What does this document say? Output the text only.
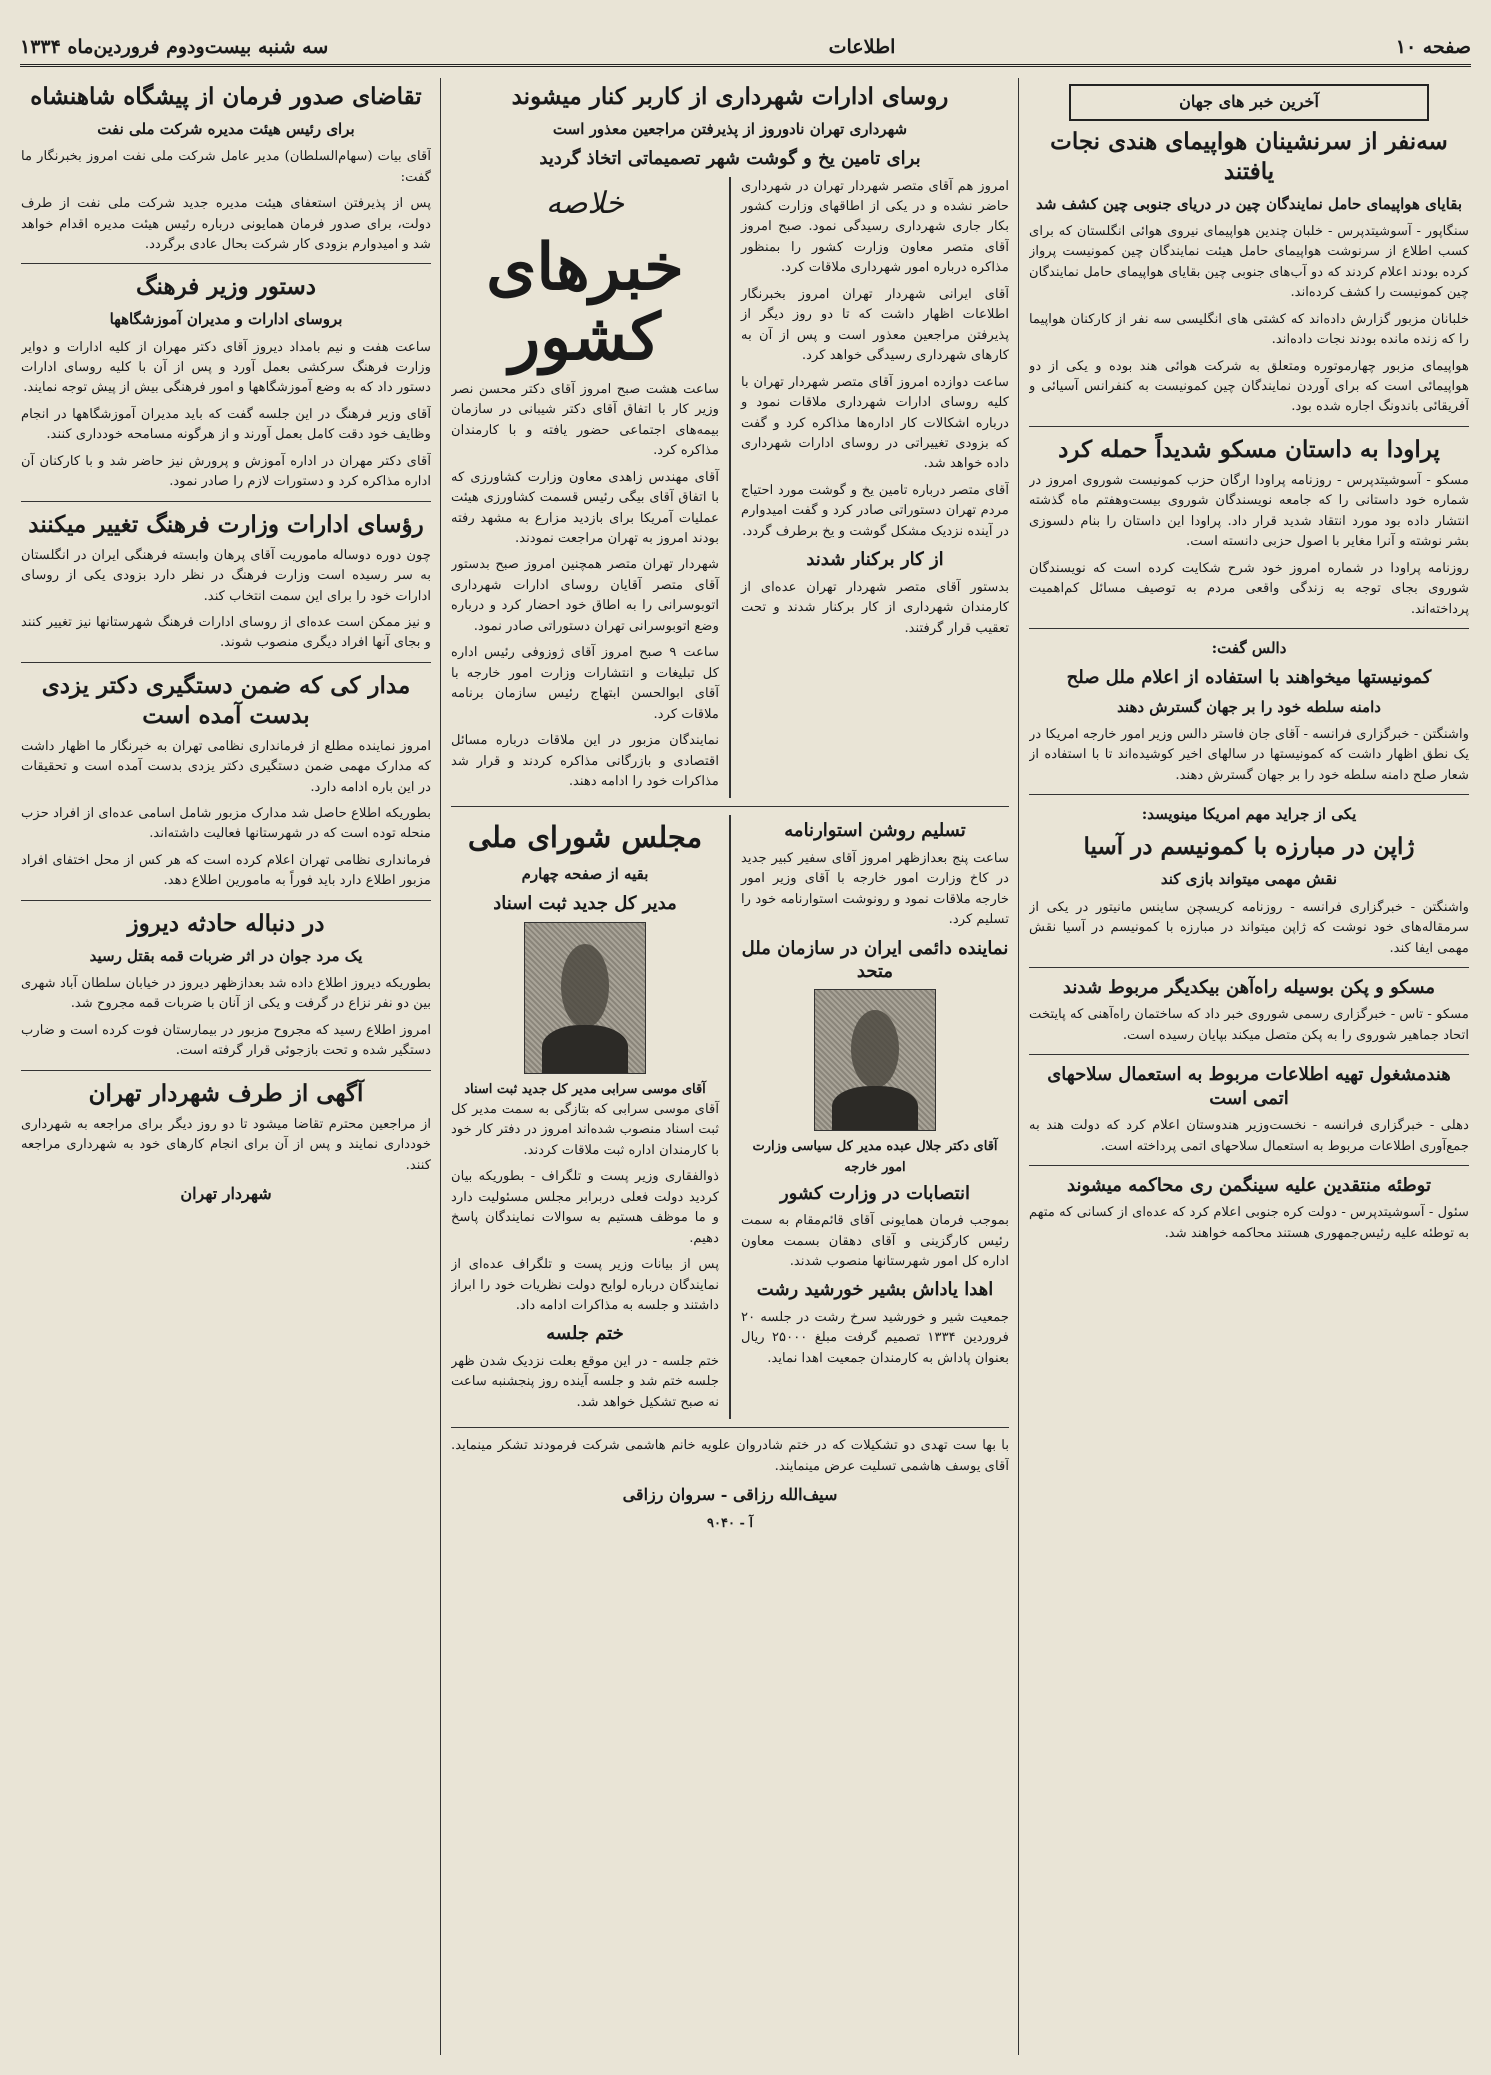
صفحه ۱۰
اطلاعات
سه شنبه بیست‌ودوم فروردین‌ماه ۱۳۳۴
آخرین خبر های جهان
سه‌نفر از سرنشینان هواپیمای هندی نجات یافتند
بقایای هواپیمای حامل نمایندگان چین در دریای جنوبی چین کشف شد

سنگاپور - آسوشیتدپرس - خلبان چندین هواپیمای نیروی هوائی انگلستان که برای کسب اطلاع از سرنوشت هواپیمای حامل هیئت نمایندگان چین کمونیست پرواز کرده بودند اعلام کردند که دو آب‌های جنوبی چین بقایای هواپیمای حامل نمایندگان چین کمونیست را کشف کرده‌اند.

خلبانان مزبور گزارش داده‌اند که کشتی های انگلیسی سه نفر از کارکنان هواپیما را که زنده مانده بودند نجات داده‌اند.

هواپیمای مزبور چهارموتوره ومتعلق به شرکت هوائی هند بوده و یکی از دو هواپیمائی است که برای آوردن نمایندگان چین کمونیست به کنفرانس آسیائی و آفریقائی باندونگ اجاره شده بود.

پراودا به داستان مسکو شدیداً حمله کرد

مسکو - آسوشیتدپرس - روزنامه پراودا ارگان حزب کمونیست شوروی امروز در شماره خود داستانی را که جامعه نویسندگان شوروی بیست‌وهفتم ماه گذشته انتشار داده بود مورد انتقاد شدید قرار داد. پراودا این داستان را بنام دلسوزی بشر نوشته و آنرا مغایر با اصول حزبی دانسته است.

روزنامه پراودا در شماره امروز خود شرح شکایت کرده است که نویسندگان شوروی بجای توجه به زندگی واقعی مردم به توصیف مسائل کم‌اهمیت پرداخته‌اند.

دالس گفت:
کمونیستها میخواهند با استفاده از اعلام ملل صلح
دامنه سلطه خود را بر جهان گسترش دهند

واشنگتن - خبرگزاری فرانسه - آقای جان فاستر دالس وزیر امور خارجه امریکا در یک نطق اظهار داشت که کمونیستها در سالهای اخیر کوشیده‌اند تا با استفاده از شعار صلح دامنه سلطه خود را بر جهان گسترش دهند.

یکی از جراید مهم امریکا مینویسد:
ژاپن در مبارزه با کمونیسم در آسیا
نقش مهمی میتواند بازی کند

واشنگتن - خبرگزاری فرانسه - روزنامه کریسچن ساینس مانیتور در یکی از سرمقاله‌های خود نوشت که ژاپن میتواند در مبارزه با کمونیسم در آسیا نقش مهمی ایفا کند.

مسکو و پکن بوسیله راه‌آهن بیکدیگر مربوط شدند

مسکو - تاس - خبرگزاری رسمی شوروی خبر داد که ساختمان راه‌آهنی که پایتخت اتحاد جماهیر شوروی را به پکن متصل میکند بپایان رسیده است.

هندمشغول تهیه اطلاعات مربوط به استعمال سلاحهای اتمی است

دهلی - خبرگزاری فرانسه - نخست‌وزیر هندوستان اعلام کرد که دولت هند به جمع‌آوری اطلاعات مربوط به استعمال سلاحهای اتمی پرداخته است.

توطئه منتقدین علیه سینگمن ری محاکمه میشوند

سئول - آسوشیتدپرس - دولت کره جنوبی اعلام کرد که عده‌ای از کسانی که متهم به توطئه علیه رئیس‌جمهوری هستند محاکمه خواهند شد.

روسای ادارات شهرداری از کاربر کنار میشوند
شهرداری تهران نادوروز از پذیرفتن مراجعین معذور است
برای تامین یخ و گوشت شهر تصمیماتی اتخاذ گردید

امروز هم آقای متصر شهردار تهران در شهرداری حاضر نشده و در یکی از اطاقهای وزارت کشور بکار جاری شهرداری رسیدگی نمود. صبح امروز آقای متصر معاون وزارت کشور را بمنظور مذاکره درباره امور شهرداری ملاقات کرد.

آقای ایرانی شهردار تهران امروز بخبرنگار اطلاعات اظهار داشت که تا دو روز دیگر از پذیرفتن مراجعین معذور است و پس از آن به کارهای شهرداری رسیدگی خواهد کرد.

ساعت دوازده امروز آقای متصر شهردار تهران با کلیه روسای ادارات شهرداری ملاقات نمود و درباره اشکالات کار اداره‌ها مذاکره کرد و گفت که بزودی تغییراتی در روسای ادارات شهرداری داده خواهد شد.

آقای متصر درباره تامین یخ و گوشت مورد احتیاج مردم تهران دستوراتی صادر کرد و گفت امیدوارم در آینده نزدیک مشکل گوشت و یخ برطرف گردد.

از کار برکنار شدند

بدستور آقای متصر شهردار تهران عده‌ای از کارمندان شهرداری از کار برکنار شدند و تحت تعقیب قرار گرفتند.

خلاصه
خبرهای کشور

ساعت هشت صبح امروز آقای دکتر محسن نصر وزیر کار با اتفاق آقای دکتر شیبانی در سازمان بیمه‌های اجتماعی حضور یافته و با کارمندان مذاکره کرد.

آقای مهندس زاهدی معاون وزارت کشاورزی که با اتفاق آقای بیگی رئیس قسمت کشاورزی هیئت عملیات آمریکا برای بازدید مزارع به مشهد رفته بودند امروز به تهران مراجعت نمودند.

شهردار تهران متصر همچنین امروز صبح بدستور آقای متصر آقایان روسای ادارات شهرداری اتوبوسرانی را به اطاق خود احضار کرد و درباره وضع اتوبوسرانی تهران دستوراتی صادر نمود.

ساعت ۹ صبح امروز آقای ژوزوفی رئیس اداره کل تبلیغات و انتشارات وزارت امور خارجه با آقای ابوالحسن ابتهاج رئیس سازمان برنامه ملاقات کرد.

نمایندگان مزبور در این ملاقات درباره مسائل اقتصادی و بازرگانی مذاکره کردند و قرار شد مذاکرات خود را ادامه دهند.

تسلیم روشن استوارنامه

ساعت پنج بعدازظهر امروز آقای سفیر کبیر جدید در کاخ وزارت امور خارجه با آقای وزیر امور خارجه ملاقات نمود و رونوشت استوارنامه خود را تسلیم کرد.

نماینده دائمی ایران در سازمان ملل متحد
آقای دکتر جلال عبده مدیر کل سیاسی وزارت امور خارجه
انتصابات در وزارت کشور

بموجب فرمان همایونی آقای قائم‌مقام به سمت رئیس کارگزینی و آقای دهقان بسمت معاون اداره کل امور شهرستانها منصوب شدند.

اهدا یاداش بشیر خورشید رشت

جمعیت شیر و خورشید سرخ رشت در جلسه ۲۰ فروردین ۱۳۳۴ تصمیم گرفت مبلغ ۲۵۰۰۰ ریال بعنوان پاداش به کارمندان جمعیت اهدا نماید.

مجلس شورای ملی
بقیه از صفحه چهارم
مدیر کل جدید ثبت اسناد
آقای موسی سرابی مدیر کل جدید ثبت اسناد

آقای موسی سرابی که بتازگی به سمت مدیر کل ثبت اسناد منصوب شده‌اند امروز در دفتر کار خود با کارمندان اداره ثبت ملاقات کردند.

ذوالفقاری وزیر پست و تلگراف - بطوریکه بیان کردید دولت فعلی دربرابر مجلس مسئولیت دارد و ما موظف هستیم به سوالات نمایندگان پاسخ دهیم.

پس از بیانات وزیر پست و تلگراف عده‌ای از نمایندگان درباره لوایح دولت نظریات خود را ابراز داشتند و جلسه به مذاکرات ادامه داد.

ختم جلسه

ختم جلسه - در این موقع بعلت نزدیک شدن ظهر جلسه ختم شد و جلسه آینده روز پنجشنبه ساعت نه صبح تشکیل خواهد شد.

با بها ست تهدی دو تشکیلات که در ختم شادروان علویه خانم هاشمی شرکت فرمودند تشکر مینماید. آقای یوسف هاشمی تسلیت عرض مینمایند.

سیف‌الله رزاقی - سروان رزاقی
آ - ۹۰۴۰
تقاضای صدور فرمان از پیشگاه شاهنشاه
برای رئیس هیئت مدیره شرکت ملی نفت

آقای بیات (سهام‌السلطان) مدیر عامل شرکت ملی نفت امروز بخبرنگار ما گفت:

پس از پذیرفتن استعفای هیئت مدیره جدید شرکت ملی نفت از طرف دولت، برای صدور فرمان همایونی درباره رئیس هیئت مدیره اقدام خواهد شد و امیدوارم بزودی کار شرکت بحال عادی برگردد.

دستور وزیر فرهنگ
بروسای ادارات و مدیران آموزشگاهها

ساعت هفت و نیم بامداد دیروز آقای دکتر مهران از کلیه ادارات و دوایر وزارت فرهنگ سرکشی بعمل آورد و پس از آن با کلیه روسای ادارات دستور داد که به وضع آموزشگاهها و امور فرهنگی بیش از پیش توجه نمایند.

آقای وزیر فرهنگ در این جلسه گفت که باید مدیران آموزشگاهها در انجام وظایف خود دقت کامل بعمل آورند و از هرگونه مسامحه خودداری کنند.

آقای دکتر مهران در اداره آموزش و پرورش نیز حاضر شد و با کارکنان آن اداره مذاکره کرد و دستورات لازم را صادر نمود.

رؤسای ادارات وزارت فرهنگ تغییر میکنند

چون دوره دوساله ماموریت آقای پرهان وابسته فرهنگی ایران در انگلستان به سر رسیده است وزارت فرهنگ در نظر دارد بزودی یکی از روسای ادارات خود را برای این سمت انتخاب کند.

و نیز ممکن است عده‌ای از روسای ادارات فرهنگ شهرستانها نیز تغییر کنند و بجای آنها افراد دیگری منصوب شوند.

مدار کی که ضمن دستگیری دکتر یزدی بدست آمده است

امروز نماینده مطلع از فرمانداری نظامی تهران به خبرنگار ما اظهار داشت که مدارک مهمی ضمن دستگیری دکتر یزدی بدست آمده است و تحقیقات در این باره ادامه دارد.

بطوریکه اطلاع حاصل شد مدارک مزبور شامل اسامی عده‌ای از افراد حزب منحله توده است که در شهرستانها فعالیت داشته‌اند.

فرمانداری نظامی تهران اعلام کرده است که هر کس از محل اختفای افراد مزبور اطلاع دارد باید فوراً به مامورین اطلاع دهد.

در دنباله حادثه دیروز
یک مرد جوان در اثر ضربات قمه بقتل رسید

بطوریکه دیروز اطلاع داده شد بعدازظهر دیروز در خیابان سلطان آباد شهری بین دو نفر نزاع در گرفت و یکی از آنان با ضربات قمه مجروح شد.

امروز اطلاع رسید که مجروح مزبور در بیمارستان فوت کرده است و ضارب دستگیر شده و تحت بازجوئی قرار گرفته است.

آگهی از طرف شهردار تهران

از مراجعین محترم تقاضا میشود تا دو روز دیگر برای مراجعه به شهرداری خودداری نمایند و پس از آن برای انجام کارهای خود به شهرداری مراجعه کنند.

شهردار تهران
